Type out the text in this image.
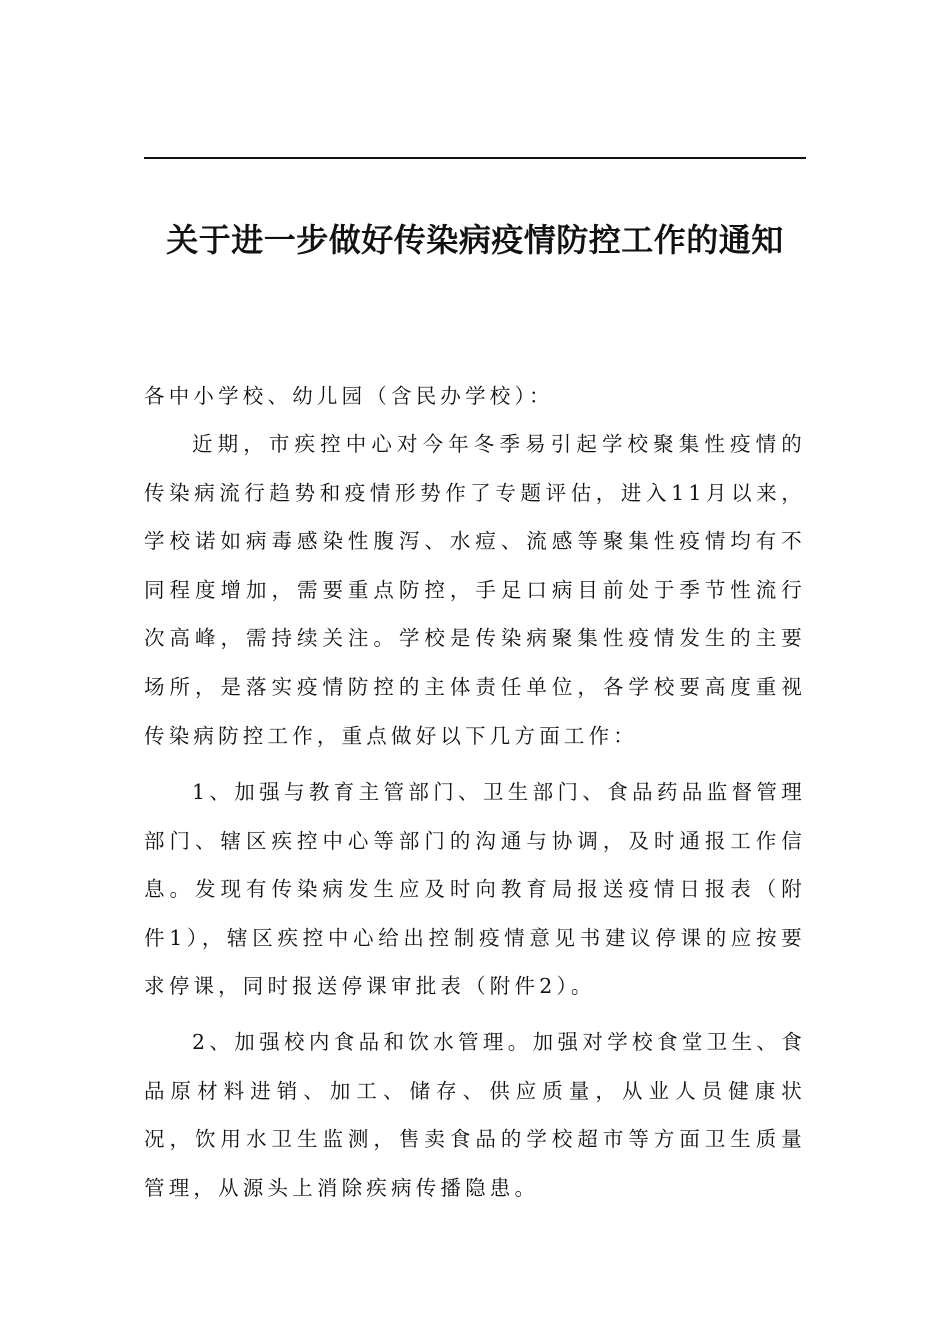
关于进一步做好传染病疫情防控工作的通知

各中小学校、幼儿园（含民办学校）：

近期，市疾控中心对今年冬季易引起学校聚集性疫情的传染病流行趋势和疫情形势作了专题评估，进入11月以来，学校诺如病毒感染性腹泻、水痘、流感等聚集性疫情均有不同程度增加，需要重点防控，手足口病目前处于季节性流行次高峰，需持续关注。学校是传染病聚集性疫情发生的主要场所，是落实疫情防控的主体责任单位，各学校要高度重视传染病防控工作，重点做好以下几方面工作：

1、加强与教育主管部门、卫生部门、食品药品监督管理部门、辖区疾控中心等部门的沟通与协调，及时通报工作信息。发现有传染病发生应及时向教育局报送疫情日报表（附件1），辖区疾控中心给出控制疫情意见书建议停课的应按要求停课，同时报送停课审批表（附件2）。

2、加强校内食品和饮水管理。加强对学校食堂卫生、食品原材料进销、加工、储存、供应质量，从业人员健康状况，饮用水卫生监测，售卖食品的学校超市等方面卫生质量管理，从源头上消除疾病传播隐患。
